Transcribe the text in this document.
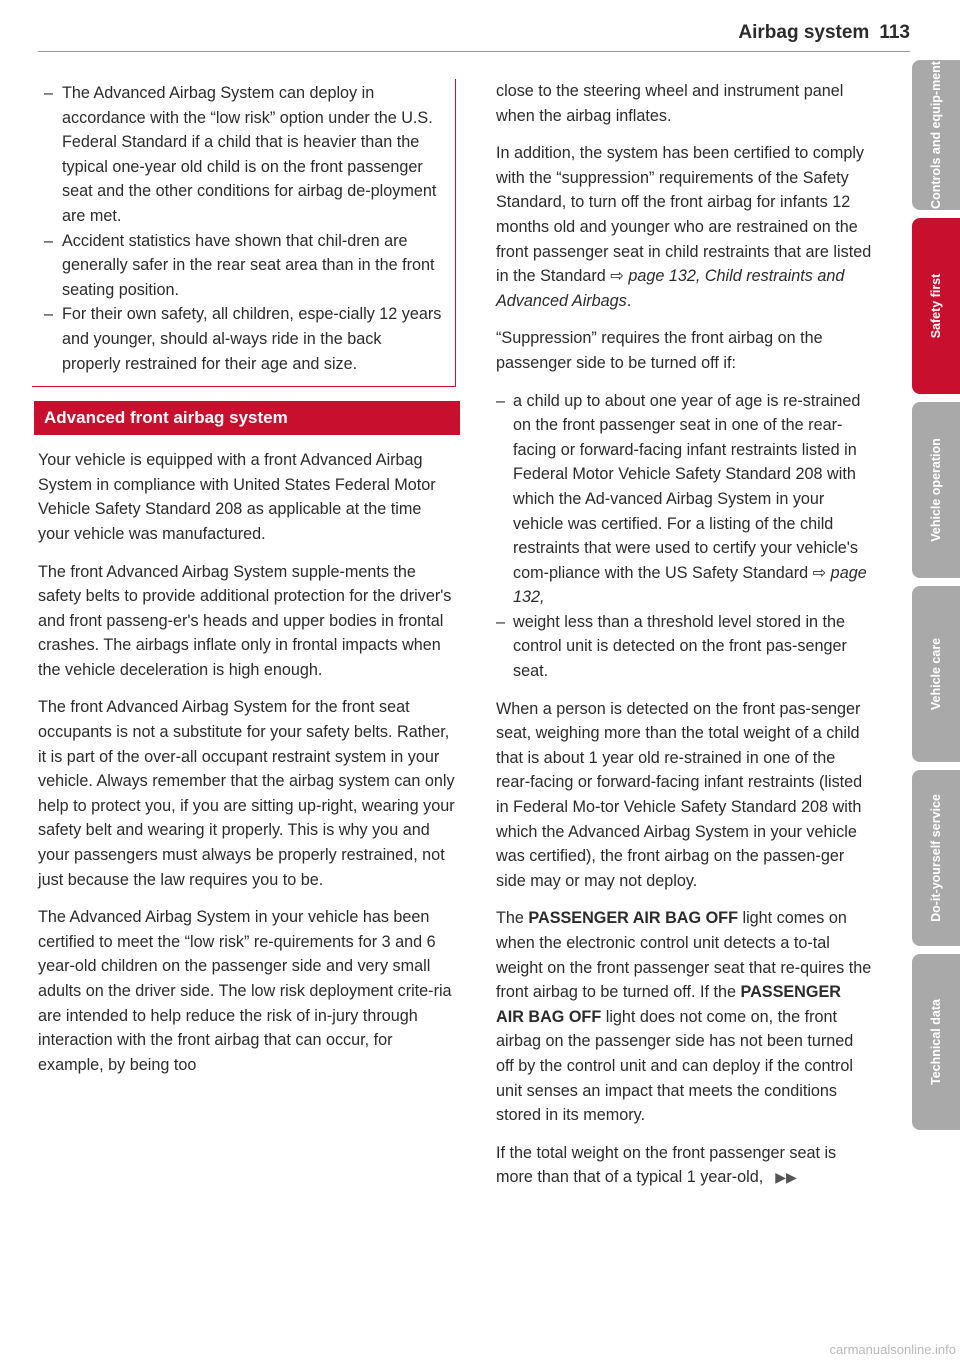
Airbag system 113
– The Advanced Airbag System can deploy in accordance with the “low risk” option under the U.S. Federal Standard if a child that is heavier than the typical one-year old child is on the front passenger seat and the other conditions for airbag de-ployment are met.
– Accident statistics have shown that chil-dren are generally safer in the rear seat area than in the front seating position.
– For their own safety, all children, espe-cially 12 years and younger, should al-ways ride in the back properly restrained for their age and size.
Advanced front airbag system

Your vehicle is equipped with a front Advanced Airbag System in compliance with United States Federal Motor Vehicle Safety Standard 208 as applicable at the time your vehicle was manufactured.

The front Advanced Airbag System supple-ments the safety belts to provide additional protection for the driver's and front passeng-er's heads and upper bodies in frontal crashes. The airbags inflate only in frontal impacts when the vehicle deceleration is high enough.

The front Advanced Airbag System for the front seat occupants is not a substitute for your safety belts. Rather, it is part of the over-all occupant restraint system in your vehicle. Always remember that the airbag system can only help to protect you, if you are sitting up-right, wearing your safety belt and wearing it properly. This is why you and your passengers must always be properly restrained, not just because the law requires you to be.

The Advanced Airbag System in your vehicle has been certified to meet the “low risk” re-quirements for 3 and 6 year-old children on the passenger side and very small adults on the driver side. The low risk deployment crite-ria are intended to help reduce the risk of in-jury through interaction with the front airbag that can occur, for example, by being too

close to the steering wheel and instrument panel when the airbag inflates.

In addition, the system has been certified to comply with the “suppression” requirements of the Safety Standard, to turn off the front airbag for infants 12 months old and younger who are restrained on the front passenger seat in child restraints that are listed in the Standard ⇨ page 132, Child restraints and Advanced Airbags.

“Suppression” requires the front airbag on the passenger side to be turned off if:

– a child up to about one year of age is re-strained on the front passenger seat in one of the rear-facing or forward-facing infant restraints listed in Federal Motor Vehicle Safety Standard 208 with which the Ad-vanced Airbag System in your vehicle was certified. For a listing of the child restraints that were used to certify your vehicle's com-pliance with the US Safety Standard ⇨ page 132,
– weight less than a threshold level stored in the control unit is detected on the front pas-senger seat.

When a person is detected on the front pas-senger seat, weighing more than the total weight of a child that is about 1 year old re-strained in one of the rear-facing or forward-facing infant restraints (listed in Federal Mo-tor Vehicle Safety Standard 208 with which the Advanced Airbag System in your vehicle was certified), the front airbag on the passen-ger side may or may not deploy.

The PASSENGER AIR BAG OFF light comes on when the electronic control unit detects a to-tal weight on the front passenger seat that re-quires the front airbag to be turned off. If the PASSENGER AIR BAG OFF light does not come on, the front airbag on the passenger side has not been turned off by the control unit and can deploy if the control unit senses an impact that meets the conditions stored in its memory.

If the total weight on the front passenger seat is more than that of a typical 1 year-old, ▶▶

Controls and equip-ment
Safety first
Vehicle operation
Vehicle care
Do-it-yourself service
Technical data
carmanualsonline.info
